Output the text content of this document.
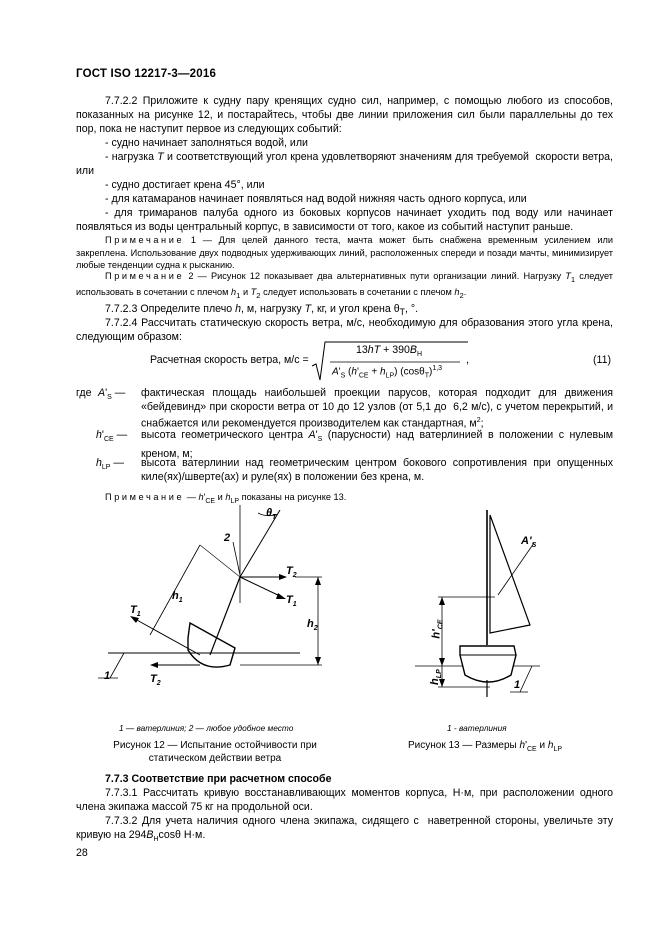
ГОСТ ISO 12217-3—2016
7.7.2.2 Приложите к судну пару кренящих судно сил, например, с помощью любого из способов, показанных на рисунке 12, и постарайтесь, чтобы две линии приложения сил были параллельны до тех пор, пока не наступит первое из следующих событий:
- судно начинает заполняться водой, или
- нагрузка T и соответствующий угол крена удовлетворяют значениям для требуемой  скорости ветра, или
- судно достигает крена 45°, или
- для катамаранов начинает появляться над водой нижняя часть одного корпуса, или
- для тримаранов палуба одного из боковых корпусов начинает уходить под воду или начинает появляться из воды центральный корпус, в зависимости от того, какое из событий наступит раньше.
Примечание 1 — Для целей данного теста, мачта может быть снабжена временным усилением или закреплена. Использование двух подводных удерживающих линий, расположенных спереди и позади мачты, минимизирует любые тенденции судна к рысканию.
Примечание 2 — Рисунок 12 показывает два альтернативных пути организации линий. Нагрузку $T_1$ следует использовать в сочетании с плечом $h_1$ и $T_2$ следует использовать в сочетании с плечом $h_2$.
7.7.2.3 Определите плечо h, м, нагрузку T, кг, и угол крена $\theta_T$, °.
7.7.2.4 Рассчитать статическую скорость ветра, м/с, необходимую для образования этого угла крена, следующим образом:
Расчетная скорость ветра, м/с =
$13hT + 390B_H$
$A'_S$ $(h'_{CE} + h_{LP})$ $(\cos\theta_T)^{1,3}$
,	(11)
где $A'_S$ — фактическая площадь наибольшей проекции парусов, которая подходит для движения «бейдевинд» при скорости ветра от 10 до 12 узлов (от 5,1 до  6,2 м/с), с учетом перекрытий, и снабжается или рекомендуется производителем как стандартная, $м^2$;
$h'_{CE}$ — высота геометрического центра $A'_S$ (парусности) над ватерлинией в положении с нулевым креном, м;
$h_{LP}$ — высота ватерлинии над геометрическим центром бокового сопротивления при опущенных киле(ях)/шверте(ах) и руле(ях) в положении без крена, м.
Примечание — $h'_{CE}$ и $h_{LP}$ показаны на рисунке 13.
$\theta_T$
2
$T_2$
$T_1$
$h_1$
$h_2$
$T_1$
1	$T_2$
1 — ватерлиния; 2 — любое удобное место
Рисунок 12 — Испытание остойчивости при статическом действии ветра
$A'_S$
$h'_{CE}$
$h_{LP}$
1
1 - ватерлиния
Рисунок 13 — Размеры $h'_{CE}$ и $h_{LP}$
7.7.3 Соответствие при расчетном способе
7.7.3.1 Рассчитать кривую восстанавливающих моментов корпуса, Н·м, при расположении одного члена экипажа массой 75 кг на продольной оси.
7.7.3.2 Для учета наличия одного члена экипажа, сидящего с  наветренной стороны, увеличьте эту кривую на $294B_H\cos\theta$ Н·м.
28
